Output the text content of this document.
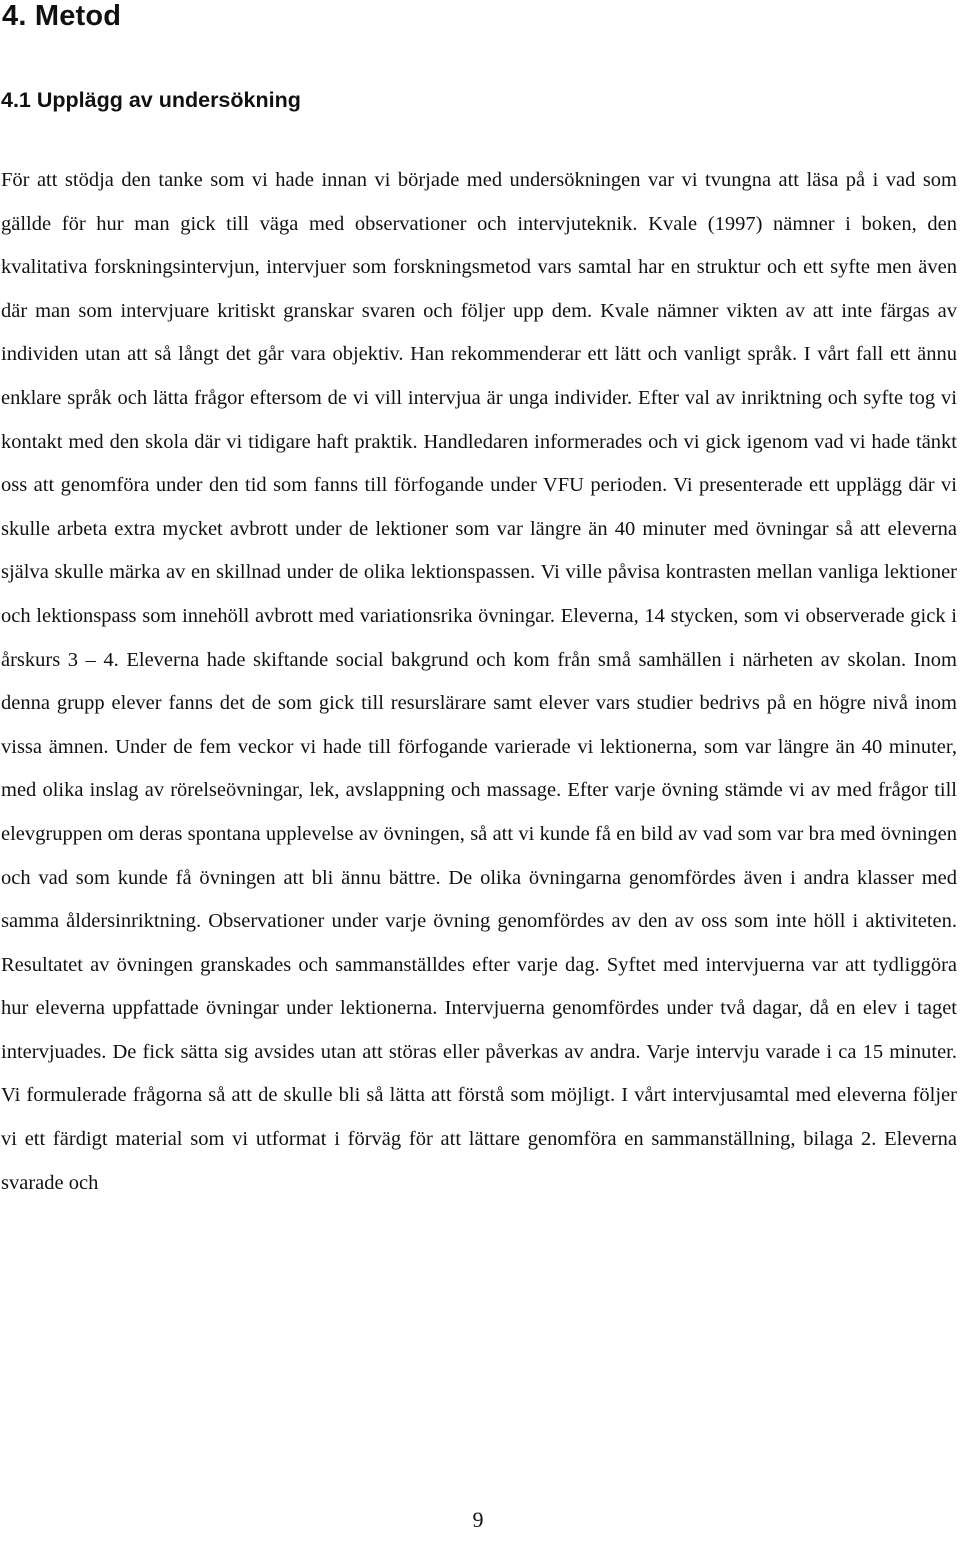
4. Metod
4.1 Upplägg av undersökning

För att stödja den tanke som vi hade innan vi började med undersökningen var vi tvungna att läsa på i vad som gällde för hur man gick till väga med observationer och intervjuteknik. Kvale (1997) nämner i boken, den kvalitativa forskningsintervjun, intervjuer som forskningsmetod vars samtal har en struktur och ett syfte men även där man som intervjuare kritiskt granskar svaren och följer upp dem. Kvale nämner vikten av att inte färgas av individen utan att så långt det går vara objektiv. Han rekommenderar ett lätt och vanligt språk. I vårt fall ett ännu enklare språk och lätta frågor eftersom de vi vill intervjua är unga individer. Efter val av inriktning och syfte tog vi kontakt med den skola där vi tidigare haft praktik. Handledaren informerades och vi gick igenom vad vi hade tänkt oss att genomföra under den tid som fanns till förfogande under VFU perioden. Vi presenterade ett upplägg där vi skulle arbeta extra mycket avbrott under de lektioner som var längre än 40 minuter med övningar så att eleverna själva skulle märka av en skillnad under de olika lektionspassen. Vi ville påvisa kontrasten mellan vanliga lektioner och lektionspass som innehöll avbrott med variationsrika övningar. Eleverna, 14 stycken, som vi observerade gick i årskurs 3 – 4. Eleverna hade skiftande social bakgrund och kom från små samhällen i närheten av skolan. Inom denna grupp elever fanns det de som gick till resurslärare samt elever vars studier bedrivs på en högre nivå inom vissa ämnen. Under de fem veckor vi hade till förfogande varierade vi lektionerna, som var längre än 40 minuter, med olika inslag av rörelseövningar, lek, avslappning och massage. Efter varje övning stämde vi av med frågor till elevgruppen om deras spontana upplevelse av övningen, så att vi kunde få en bild av vad som var bra med övningen och vad som kunde få övningen att bli ännu bättre. De olika övningarna genomfördes även i andra klasser med samma åldersinriktning. Observationer under varje övning genomfördes av den av oss som inte höll i aktiviteten. Resultatet av övningen granskades och sammanställdes efter varje dag. Syftet med intervjuerna var att tydliggöra hur eleverna uppfattade övningar under lektionerna. Intervjuerna genomfördes under två dagar, då en elev i taget intervjuades. De fick sätta sig avsides utan att störas eller påverkas av andra. Varje intervju varade i ca 15 minuter. Vi formulerade frågorna så att de skulle bli så lätta att förstå som möjligt. I vårt intervjusamtal med eleverna följer vi ett färdigt material som vi utformat i förväg för att lättare genomföra en sammanställning, bilaga 2. Eleverna svarade och

9
